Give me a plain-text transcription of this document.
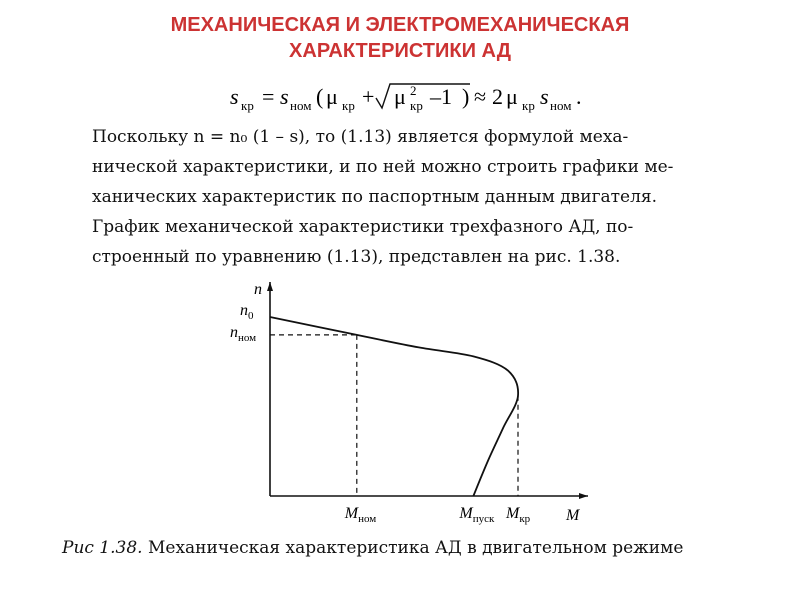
МЕХАНИЧЕСКАЯ И ЭЛЕКТРОМЕХАНИЧЕСКАЯ
ХАРАКТЕРИСТИКИ АД
s кр = s ном ( μ кр + μ 2
кр –1 ) ≈ 2 μ кр s ном .
Поскольку n = n₀ (1 – s), то (1.13) является формулой меха-
нической характеристики, и по ней можно строить графики ме-
ханических характеристик по паспортным данным двигателя.
График механической характеристики трехфазного АД, по-
строенный по уравнению (1.13), представлен на рис. 1.38.
n
M
$n_0$
$n_{ном}$
$M_{ном}$	$M_{пуск}$ $M_{кр}$
Рис 1.38. Механическая характеристика АД в двигательном режиме
